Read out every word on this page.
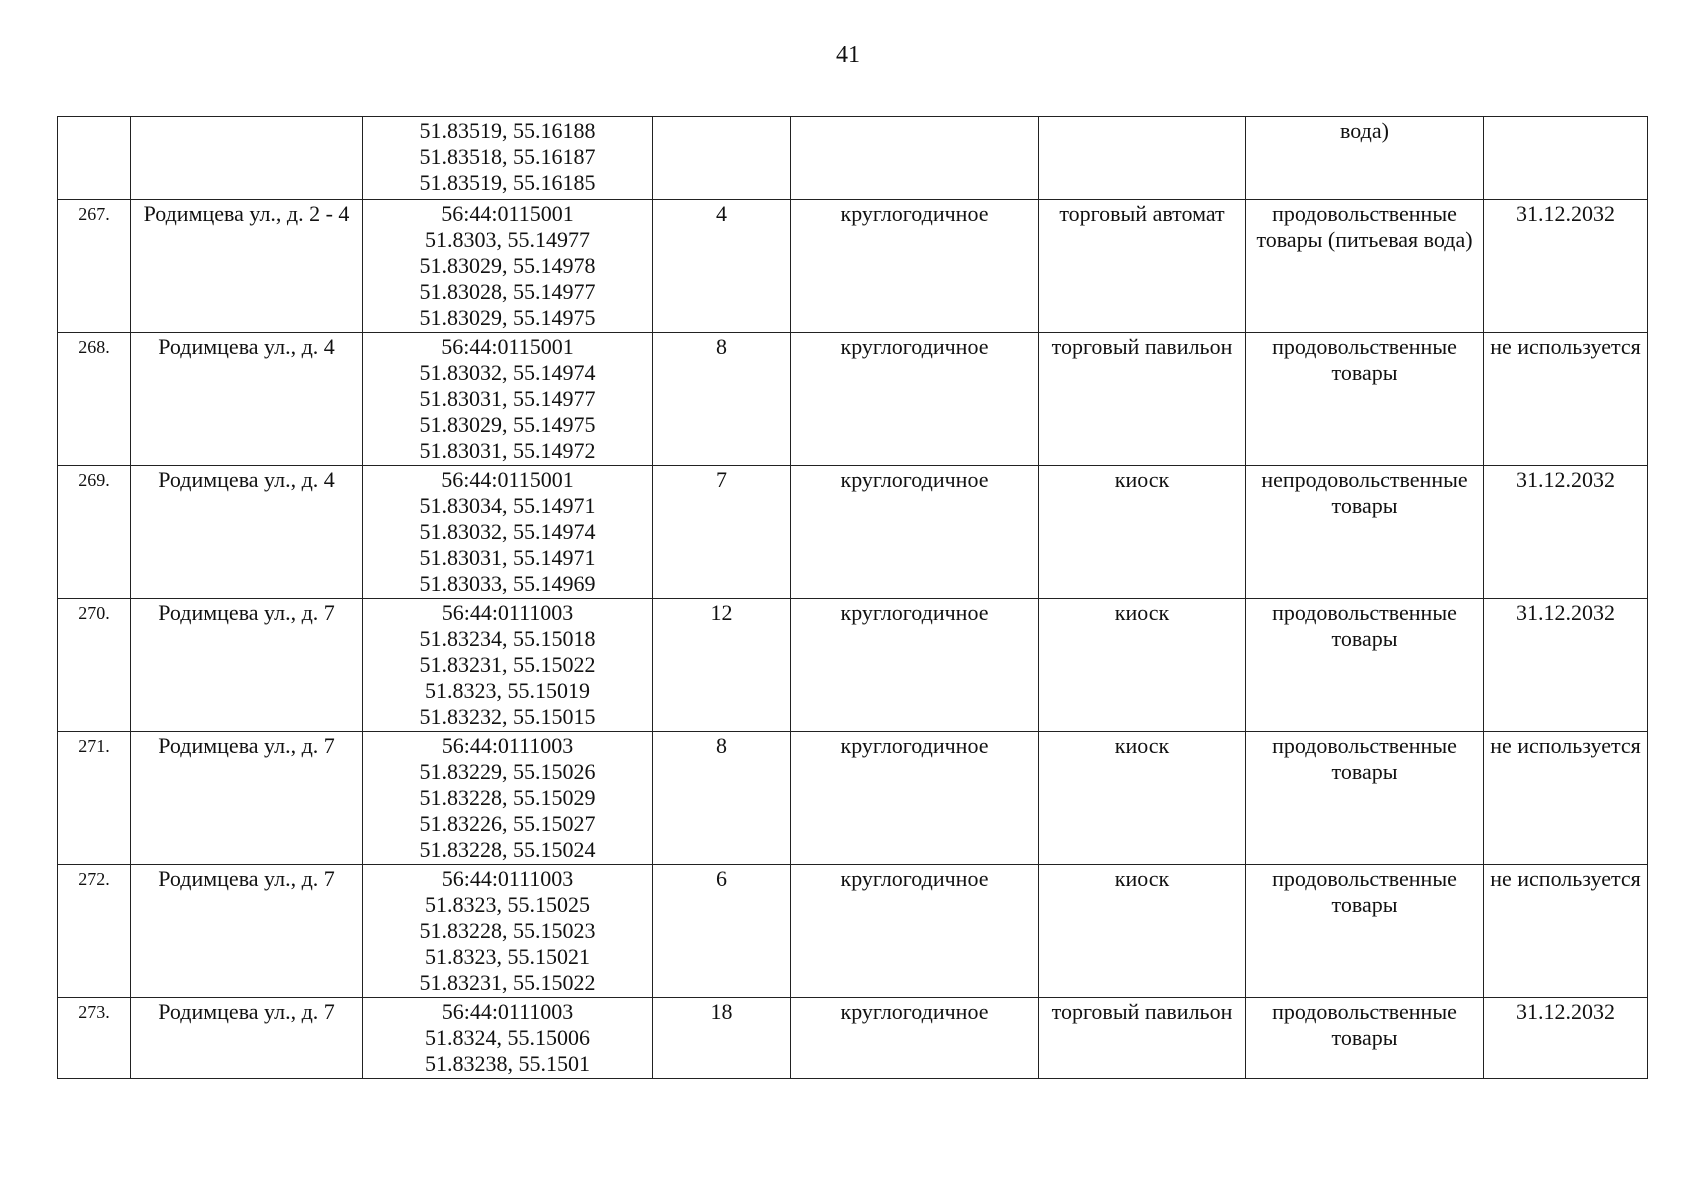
41

		51.83519, 55.16188
51.83518, 55.16187
51.83519, 55.16185				вода)	

267.	Родимцева ул., д. 2 - 4	56:44:0115001
51.8303, 55.14977
51.83029, 55.14978
51.83028, 55.14977
51.83029, 55.14975	4	круглогодичное	торговый автомат	продовольственные товары (питьевая вода)	31.12.2032
268.	Родимцева ул., д. 4	56:44:0115001
51.83032, 55.14974
51.83031, 55.14977
51.83029, 55.14975
51.83031, 55.14972	8	круглогодичное	торговый павильон	продовольственные товары	не используется
269.	Родимцева ул., д. 4	56:44:0115001
51.83034, 55.14971
51.83032, 55.14974
51.83031, 55.14971
51.83033, 55.14969	7	круглогодичное	киоск	непродовольственные товары	31.12.2032
270.	Родимцева ул., д. 7	56:44:0111003
51.83234, 55.15018
51.83231, 55.15022
51.8323, 55.15019
51.83232, 55.15015	12	круглогодичное	киоск	продовольственные товары	31.12.2032
271.	Родимцева ул., д. 7	56:44:0111003
51.83229, 55.15026
51.83228, 55.15029
51.83226, 55.15027
51.83228, 55.15024	8	круглогодичное	киоск	продовольственные товары	не используется
272.	Родимцева ул., д. 7	56:44:0111003
51.8323, 55.15025
51.83228, 55.15023
51.8323, 55.15021
51.83231, 55.15022	6	круглогодичное	киоск	продовольственные товары	не используется
273.	Родимцева ул., д. 7	56:44:0111003
51.8324, 55.15006
51.83238, 55.1501	18	круглогодичное	торговый павильон	продовольственные товары	31.12.2032
